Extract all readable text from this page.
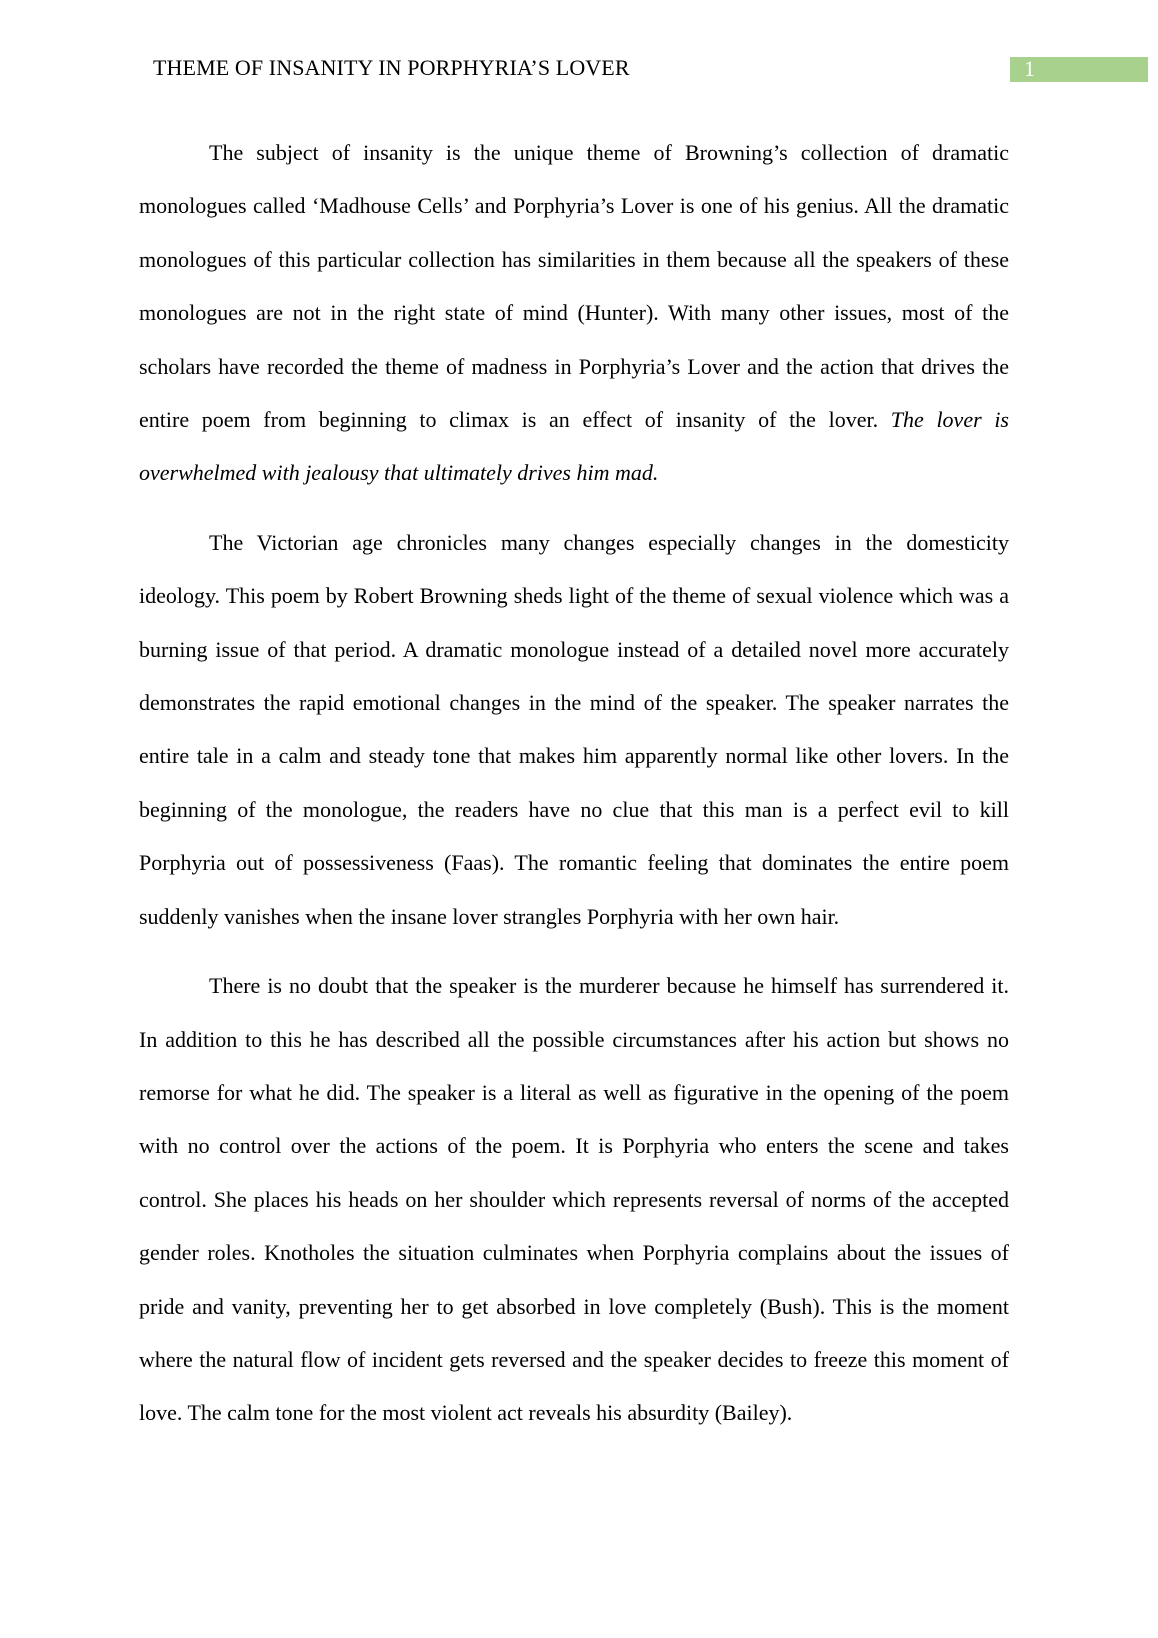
THEME OF INSANITY IN PORPHYRIA’S LOVER	1

The subject of insanity is the unique theme of Browning’s collection of dramatic monologues called ‘Madhouse Cells’ and Porphyria’s Lover is one of his genius. All the dramatic monologues of this particular collection has similarities in them because all the speakers of these monologues are not in the right state of mind (Hunter). With many other issues, most of the scholars have recorded the theme of madness in Porphyria’s Lover and the action that drives the entire poem from beginning to climax is an effect of insanity of the lover. The lover is overwhelmed with jealousy that ultimately drives him mad.

The Victorian age chronicles many changes especially changes in the domesticity ideology. This poem by Robert Browning sheds light of the theme of sexual violence which was a burning issue of that period. A dramatic monologue instead of a detailed novel more accurately demonstrates the rapid emotional changes in the mind of the speaker. The speaker narrates the entire tale in a calm and steady tone that makes him apparently normal like other lovers. In the beginning of the monologue, the readers have no clue that this man is a perfect evil to kill Porphyria out of possessiveness (Faas). The romantic feeling that dominates the entire poem suddenly vanishes when the insane lover strangles Porphyria with her own hair.

There is no doubt that the speaker is the murderer because he himself has surrendered it. In addition to this he has described all the possible circumstances after his action but shows no remorse for what he did. The speaker is a literal as well as figurative in the opening of the poem with no control over the actions of the poem. It is Porphyria who enters the scene and takes control. She places his heads on her shoulder which represents reversal of norms of the accepted gender roles. Knotholes the situation culminates when Porphyria complains about the issues of pride and vanity, preventing her to get absorbed in love completely (Bush). This is the moment where the natural flow of incident gets reversed and the speaker decides to freeze this moment of love. The calm tone for the most violent act reveals his absurdity (Bailey).
